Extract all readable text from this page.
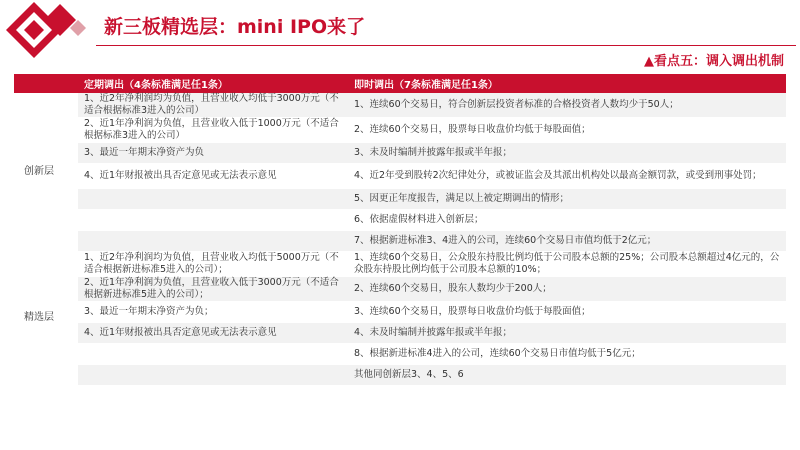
新三板精选层：mini IPO来了
▲看点五：调入调出机制
	定期调出（4条标准满足任1条）	即时调出（7条标准满足任1条）
创新层	1、近2年净利润均为负值，且营业收入均低于3000万元（不适合根据标准3进入的公司）	1、连续60个交易日，符合创新层投资者标准的合格投资者人数均少于50人；
	2、近1年净利润为负值，且营业收入低于1000万元（不适合根据标准3进入的公司）	2、连续60个交易日，股票每日收盘价均低于每股面值；
	3、最近一年期末净资产为负	3、未及时编制并披露年报或半年报；
	4、近1年财报被出具否定意见或无法表示意见	4、近2年受到股转2次纪律处分，或被证监会及其派出机构处以最高金额罚款，或受到刑事处罚；
		5、因更正年度报告，满足以上被定期调出的情形；
		6、依据虚假材料进入创新层；
		7、根据新进标准3、4进入的公司，连续60个交易日市值均低于2亿元；
精选层	1、近2年净利润均为负值，且营业收入均低于5000万元（不适合根据新进标准5进入的公司）；	1、连续60个交易日，公众股东持股比例均低于公司股本总额的25%；公司股本总额超过4亿元的，公众股东持股比例均低于公司股本总额的10%；
	2、近1年净利润为负值，且营业收入低于3000万元（不适合根据新进标准5进入的公司）；	2、连续60个交易日，股东人数均少于200人；
	3、最近一年期末净资产为负；	3、连续60个交易日，股票每日收盘价均低于每股面值；
	4、近1年财报被出具否定意见或无法表示意见	4、未及时编制并披露年报或半年报；
		8、根据新进标准4进入的公司，连续60个交易日市值均低于5亿元；
		其他同创新层3、4、5、6
